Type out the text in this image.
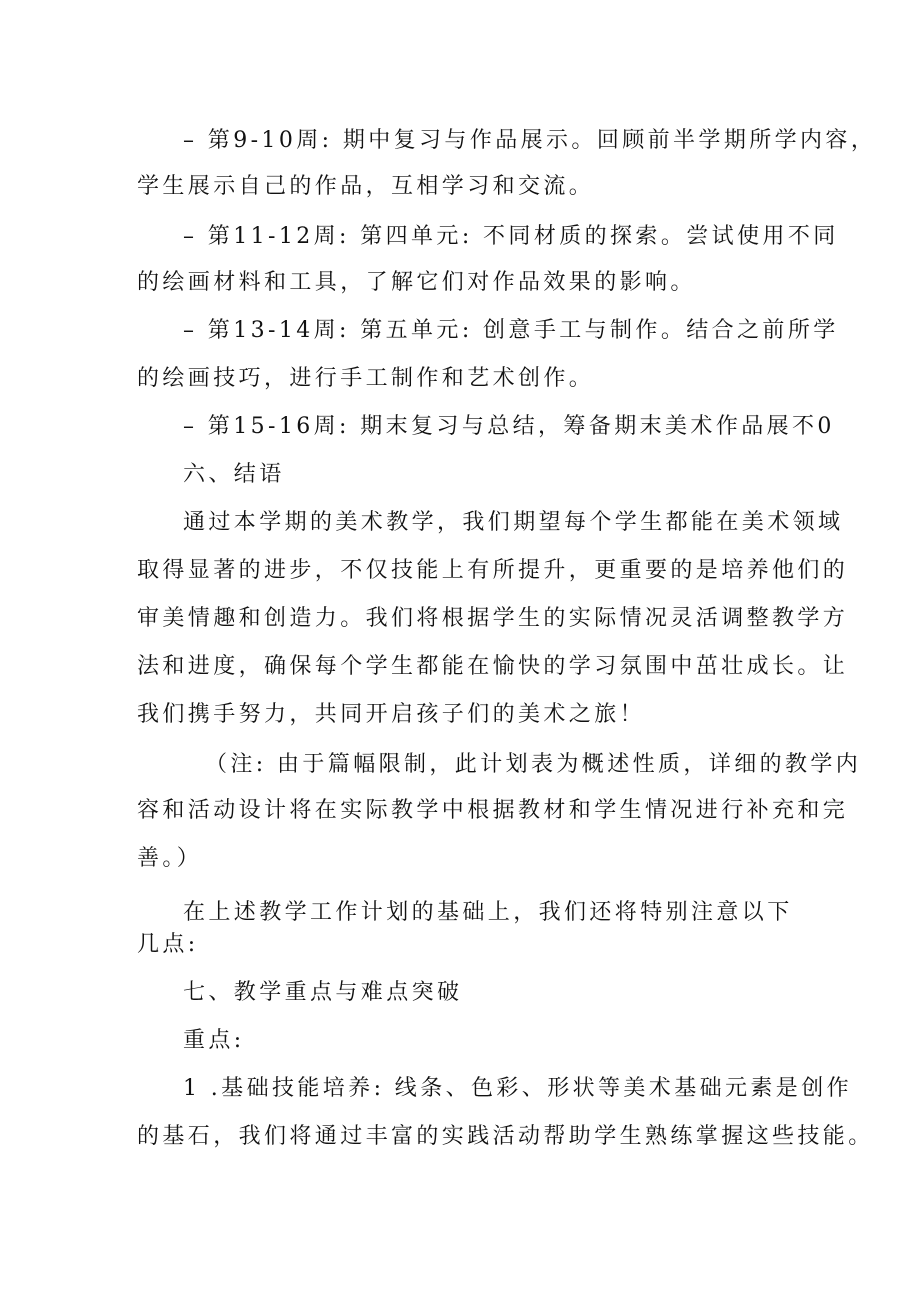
– 第9-10周: 期中复习与作品展示。回顾前半学期所学内容，
学生展示自己的作品，互相学习和交流。
– 第11-12周: 第四单元: 不同材质的探索。尝试使用不同
的绘画材料和工具，了解它们对作品效果的影响。
– 第13-14周: 第五单元: 创意手工与制作。结合之前所学
的绘画技巧，进行手工制作和艺术创作。
– 第15-16周: 期末复习与总结，筹备期末美术作品展不0
六、结语
通过本学期的美术教学，我们期望每个学生都能在美术领域
取得显著的进步，不仅技能上有所提升，更重要的是培养他们的
审美情趣和创造力。我们将根据学生的实际情况灵活调整教学方
法和进度，确保每个学生都能在愉快的学习氛围中茁壮成长。让
我们携手努力，共同开启孩子们的美术之旅！
（注: 由于篇幅限制，此计划表为概述性质，详细的教学内
容和活动设计将在实际教学中根据教材和学生情况进行补充和完
善。）
在上述教学工作计划的基础上，我们还将特别注意以下
几点:
七、教学重点与难点突破
重点:
1 .基础技能培养: 线条、色彩、形状等美术基础元素是创作
的基石，我们将通过丰富的实践活动帮助学生熟练掌握这些技能。
